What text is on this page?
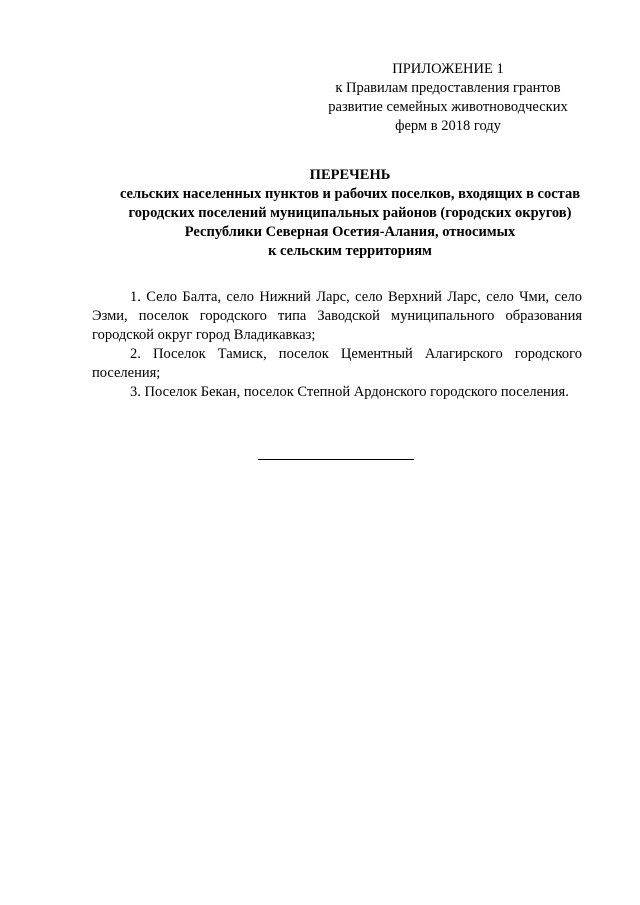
ПРИЛОЖЕНИЕ 1
к Правилам предоставления грантов
развитие семейных животноводческих
ферм в 2018 году
ПЕРЕЧЕНЬ
сельских населенных пунктов и рабочих поселков, входящих в состав
городских поселений муниципальных районов (городских округов)
Республики Северная Осетия-Алания, относимых
к сельским территориям

1. Село Балта, село Нижний Ларс, село Верхний Ларс, село Чми, село Эзми, поселок городского типа Заводской муниципального образования городской округ город Владикавказ;

2. Поселок Тамиск, поселок Цементный Алагирского городского поселения;

3. Поселок Бекан, поселок Степной Ардонского городского поселения.
